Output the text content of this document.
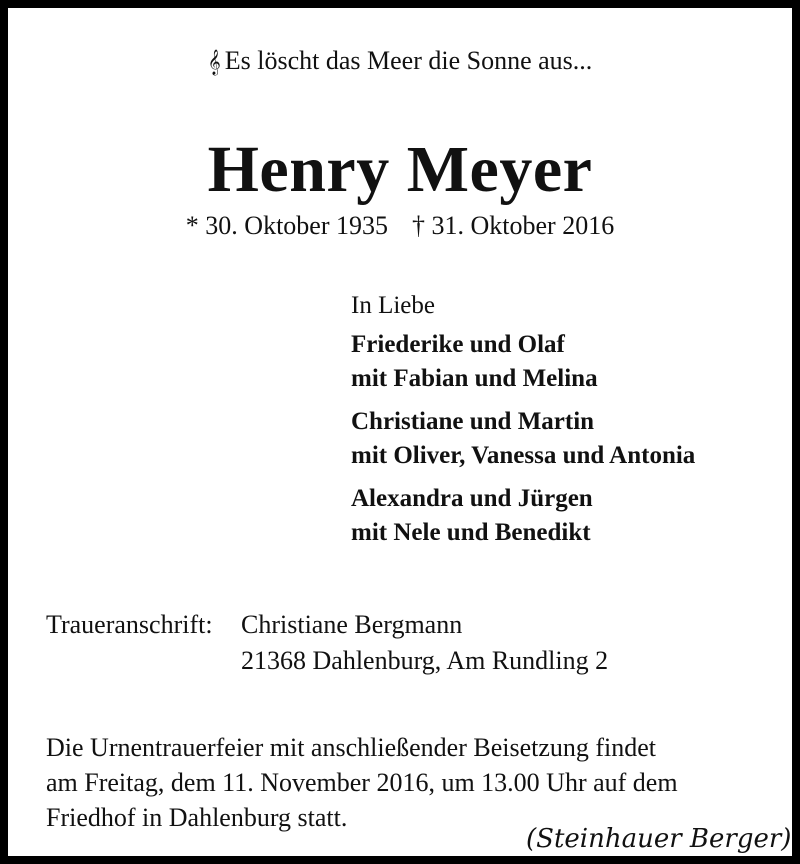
𝄞 Es löscht das Meer die Sonne aus...
Henry Meyer
* 30. Oktober 1935 † 31. Oktober 2016
In Liebe
Friederike und Olaf
mit Fabian und Melina
Christiane und Martin
mit Oliver, Vanessa und Antonia
Alexandra und Jürgen
mit Nele und Benedikt
Traueranschrift: Christiane Bergmann
21368 Dahlenburg, Am Rundling 2
Die Urnentrauerfeier mit anschließender Beisetzung findet
am Freitag, dem 11. November 2016, um 13.00 Uhr auf dem
Friedhof in Dahlenburg statt.
(Steinhauer Berger)
